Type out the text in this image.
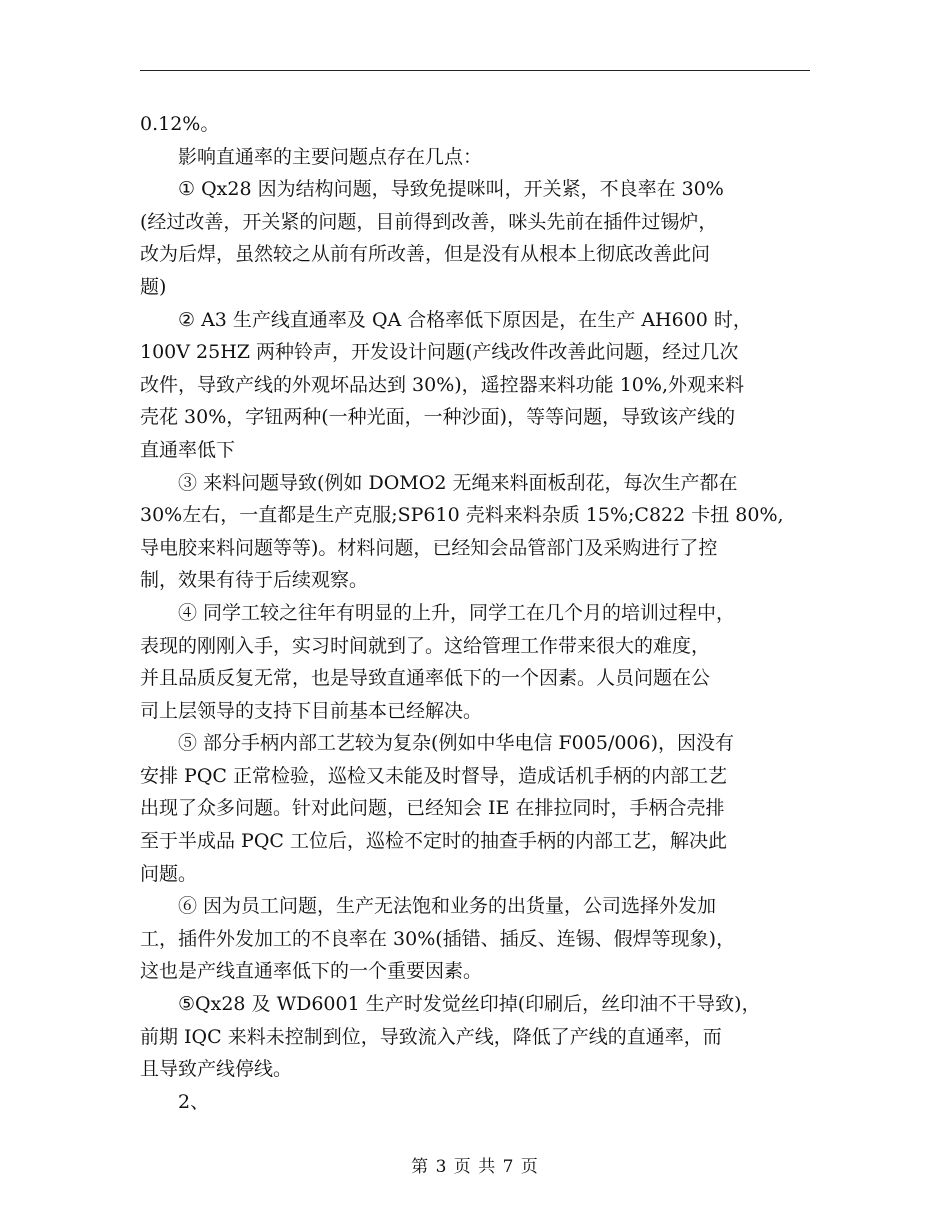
0.12%。
影响直通率的主要问题点存在几点：
① Qx28 因为结构问题，导致免提咪叫，开关紧，不良率在 30%
(经过改善，开关紧的问题，目前得到改善，咪头先前在插件过锡炉，
改为后焊，虽然较之从前有所改善，但是没有从根本上彻底改善此问
题)
② A3 生产线直通率及 QA 合格率低下原因是，在生产 AH600 时，
100V 25HZ 两种铃声，开发设计问题(产线改件改善此问题，经过几次
改件，导致产线的外观坏品达到 30%)，遥控器来料功能 10%,外观来料
壳花 30%，字钮两种(一种光面，一种沙面)，等等问题，导致该产线的
直通率低下
③ 来料问题导致(例如 DOMO2 无绳来料面板刮花，每次生产都在
30%左右，一直都是生产克服;SP610 壳料来料杂质 15%;C822 卡扭 80%,
导电胶来料问题等等)。材料问题，已经知会品管部门及采购进行了控
制，效果有待于后续观察。
④ 同学工较之往年有明显的上升，同学工在几个月的培训过程中，
表现的刚刚入手，实习时间就到了。这给管理工作带来很大的难度，
并且品质反复无常，也是导致直通率低下的一个因素。人员问题在公
司上层领导的支持下目前基本已经解决。
⑤ 部分手柄内部工艺较为复杂(例如中华电信 F005/006)，因没有
安排 PQC 正常检验，巡检又未能及时督导，造成话机手柄的内部工艺
出现了众多问题。针对此问题，已经知会 IE 在排拉同时，手柄合壳排
至于半成品 PQC 工位后，巡检不定时的抽查手柄的内部工艺，解决此
问题。
⑥ 因为员工问题，生产无法饱和业务的出货量，公司选择外发加
工，插件外发加工的不良率在 30%(插错、插反、连锡、假焊等现象)，
这也是产线直通率低下的一个重要因素。
⑤Qx28 及 WD6001 生产时发觉丝印掉(印刷后，丝印油不干导致)，
前期 IQC 来料未控制到位，导致流入产线，降低了产线的直通率，而
且导致产线停线。
2、
第 3 页 共 7 页
